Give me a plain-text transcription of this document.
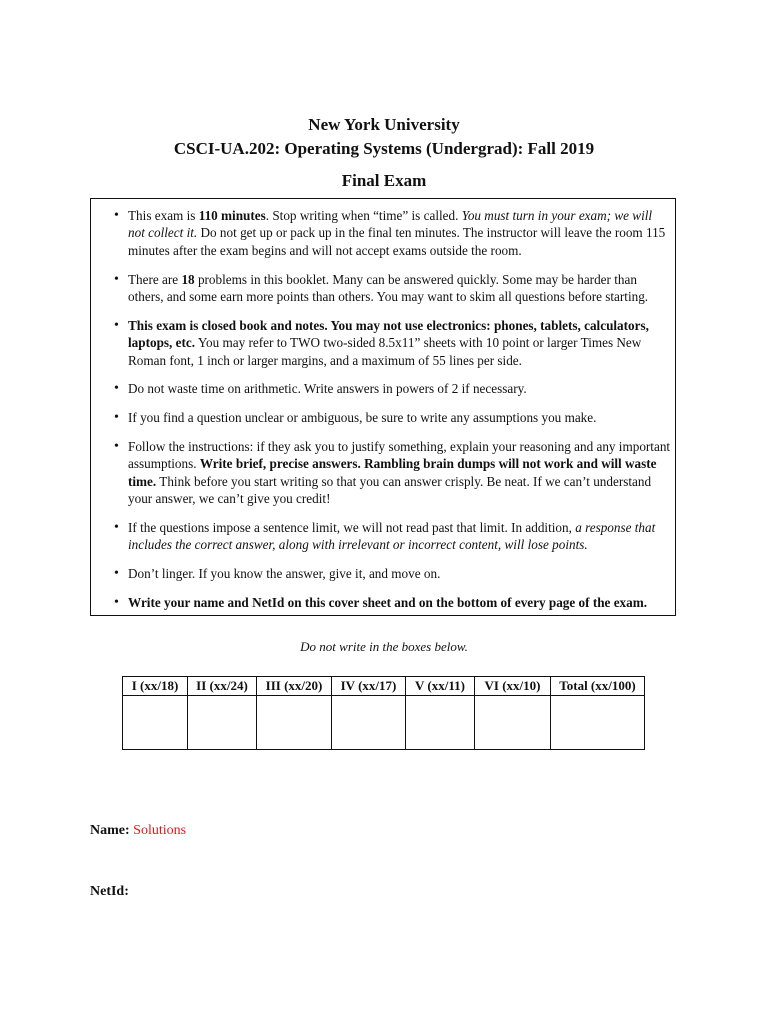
New York University
CSCI-UA.202: Operating Systems (Undergrad): Fall 2019
Final Exam
• This exam is 110 minutes. Stop writing when “time” is called. You must turn in your exam; we will not collect it. Do not get up or pack up in the final ten minutes. The instructor will leave the room 115 minutes after the exam begins and will not accept exams outside the room.
• There are 18 problems in this booklet. Many can be answered quickly. Some may be harder than others, and some earn more points than others. You may want to skim all questions before starting.
• This exam is closed book and notes. You may not use electronics: phones, tablets, calculators, laptops, etc. You may refer to TWO two-sided 8.5x11” sheets with 10 point or larger Times New Roman font, 1 inch or larger margins, and a maximum of 55 lines per side.
• Do not waste time on arithmetic. Write answers in powers of 2 if necessary.
• If you find a question unclear or ambiguous, be sure to write any assumptions you make.
• Follow the instructions: if they ask you to justify something, explain your reasoning and any important assumptions. Write brief, precise answers. Rambling brain dumps will not work and will waste time. Think before you start writing so that you can answer crisply. Be neat. If we can’t understand your answer, we can’t give you credit!
• If the questions impose a sentence limit, we will not read past that limit. In addition, a response that includes the correct answer, along with irrelevant or incorrect content, will lose points.
• Don’t linger. If you know the answer, give it, and move on.
• Write your name and NetId on this cover sheet and on the bottom of every page of the exam.
Do not write in the boxes below.
I (xx/18)	II (xx/24)	III (xx/20)	IV (xx/17)	V (xx/11)	VI (xx/10)	Total (xx/100)

Name: Solutions
NetId:
